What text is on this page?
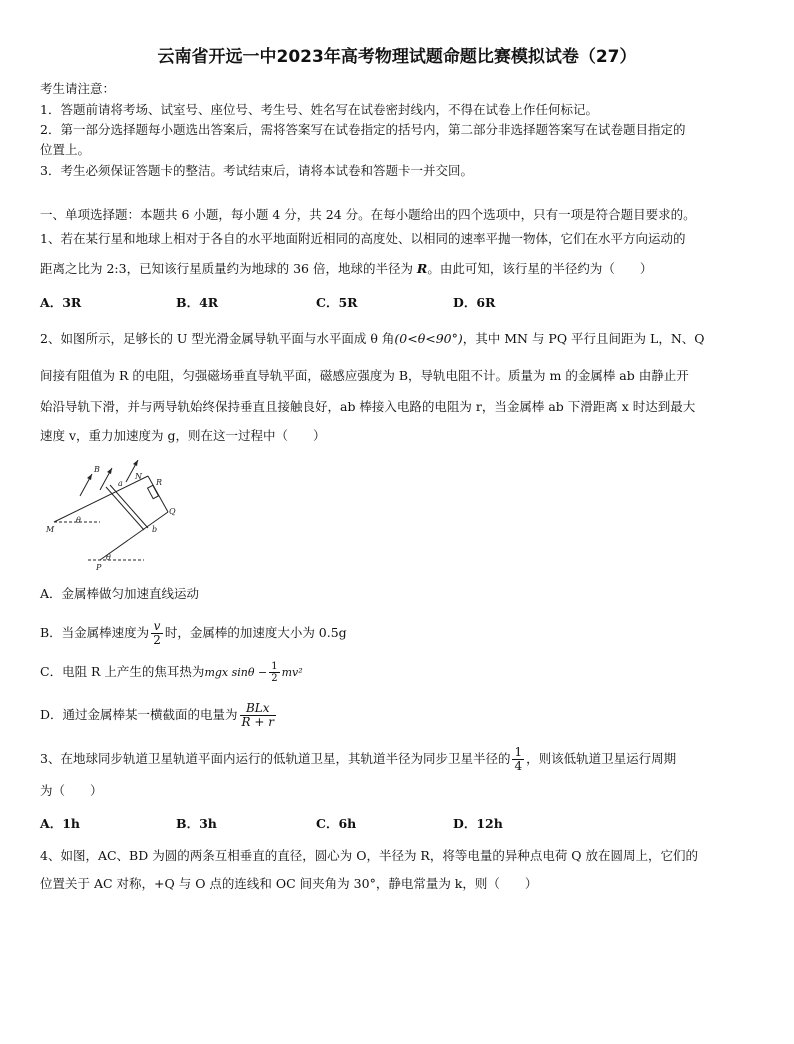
云南省开远一中2023年高考物理试题命题比赛模拟试卷（27）
考生请注意：
1．答题前请将考场、试室号、座位号、考生号、姓名写在试卷密封线内，不得在试卷上作任何标记。
2．第一部分选择题每小题选出答案后，需将答案写在试卷指定的括号内，第二部分非选择题答案写在试卷题目指定的
位置上。
3．考生必须保证答题卡的整洁。考试结束后，请将本试卷和答题卡一并交回。
一、单项选择题：本题共 6 小题，每小题 4 分，共 24 分。在每小题给出的四个选项中，只有一项是符合题目要求的。
1、若在某行星和地球上相对于各自的水平地面附近相同的高度处、以相同的速率平抛一物体，它们在水平方向运动的
距离之比为 2:3，已知该行星质量约为地球的 36 倍，地球的半径为 R。由此可知，该行星的半径约为（　　）
A．3R	B．4R	C．5R	D．6R
2、如图所示，足够长的 U 型光滑金属导轨平面与水平面成 θ 角(0<θ<90°)，其中 MN 与 PQ 平行且间距为 L，N、Q
间接有阻值为 R 的电阻，匀强磁场垂直导轨平面，磁感应强度为 B，导轨电阻不计。质量为 m 的金属棒 ab 由静止开
始沿导轨下滑，并与两导轨始终保持垂直且接触良好，ab 棒接入电路的电阻为 r，当金属棒 ab 下滑距离 x 时达到最大
速度 v，重力加速度为 g，则在这一过程中（　　）
B
N
a	R
M
θ
Q
b
θ
P
A．金属棒做匀加速直线运动
B．当金属棒速度为 $\frac{v}{2}$ 时，金属棒的加速度大小为 0.5g
C．电阻 R 上产生的焦耳热为mgx $\sin\theta - \frac{1}{2} mv^2$
D．通过金属棒某一横截面的电量为 $\frac{\text{BLx}}{R + r}$
3、在地球同步轨道卫星轨道平面内运行的低轨道卫星，其轨道半径为同步卫星半径的 $\frac{1}{4}$ ，则该低轨道卫星运行周期
为（　　）
A．1h	B．3h	C．6h	D．12h
4、如图，AC、BD 为圆的两条互相垂直的直径，圆心为 O，半径为 R，将等电量的异种点电荷 Q 放在圆周上，它们的
位置关于 AC 对称，+Q 与 O 点的连线和 OC 间夹角为 30°，静电常量为 k，则（　　）
